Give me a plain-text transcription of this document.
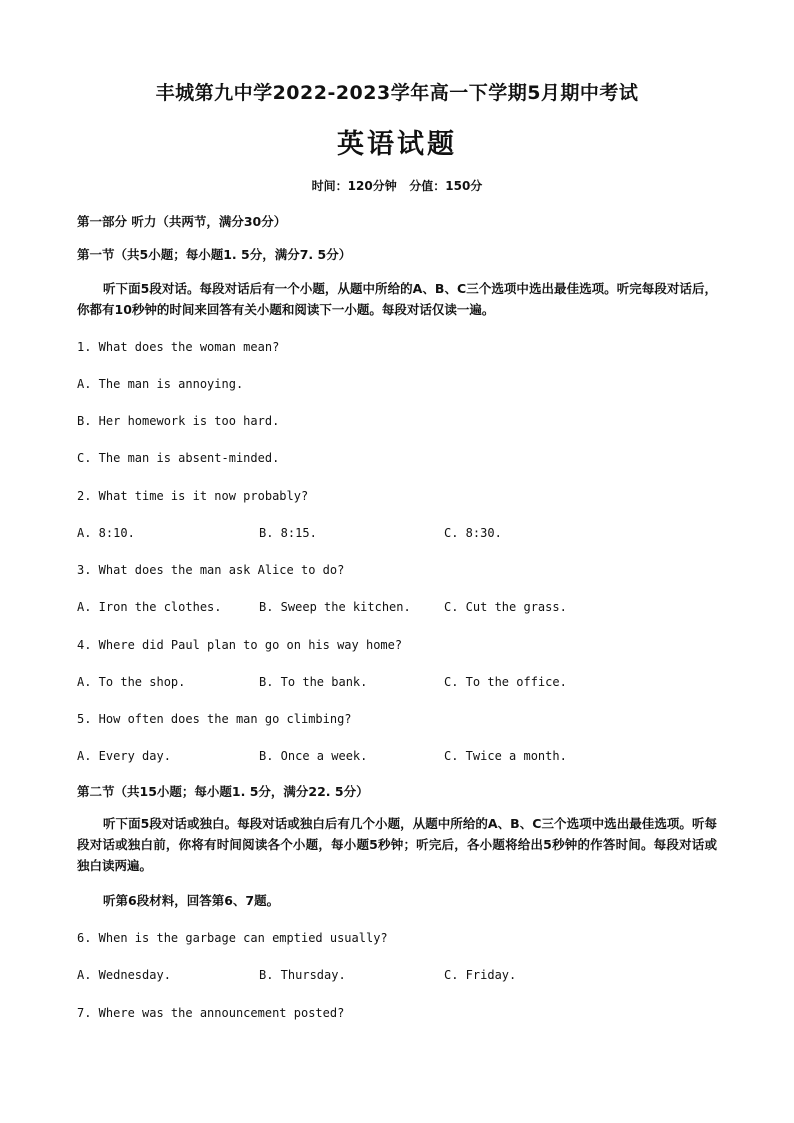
丰城第九中学2022-2023学年高一下学期5月期中考试
英语试题
时间：120分钟   分值：150分
第一部分 听力（共两节，满分30分）
第一节（共5小题；每小题1. 5分，满分7. 5分）
听下面5段对话。每段对话后有一个小题，从题中所给的A、B、C三个选项中选出最佳选项。听完每段对话后，你都有10秒钟的时间来回答有关小题和阅读下一小题。每段对话仅读一遍。
1. What does the woman mean?
A. The man is annoying.
B. Her homework is too hard.
C. The man is absent-minded.
2. What time is it now probably?
A. 8:10.	B. 8:15.	C. 8:30.
3. What does the man ask Alice to do?
A. Iron the clothes.	B. Sweep the kitchen.	C. Cut the grass.
4. Where did Paul plan to go on his way home?
A. To the shop.	B. To the bank.	C. To the office.
5. How often does the man go climbing?
A. Every day.	B. Once a week.	C. Twice a month.
第二节（共15小题；每小题1. 5分，满分22. 5分）
听下面5段对话或独白。每段对话或独白后有几个小题，从题中所给的A、B、C三个选项中选出最佳选项。听每段对话或独白前，你将有时间阅读各个小题，每小题5秒钟；听完后，各小题将给出5秒钟的作答时间。每段对话或独白读两遍。
听第6段材料，回答第6、7题。
6. When is the garbage can emptied usually?
A. Wednesday.	B. Thursday.	C. Friday.
7. Where was the announcement posted?
